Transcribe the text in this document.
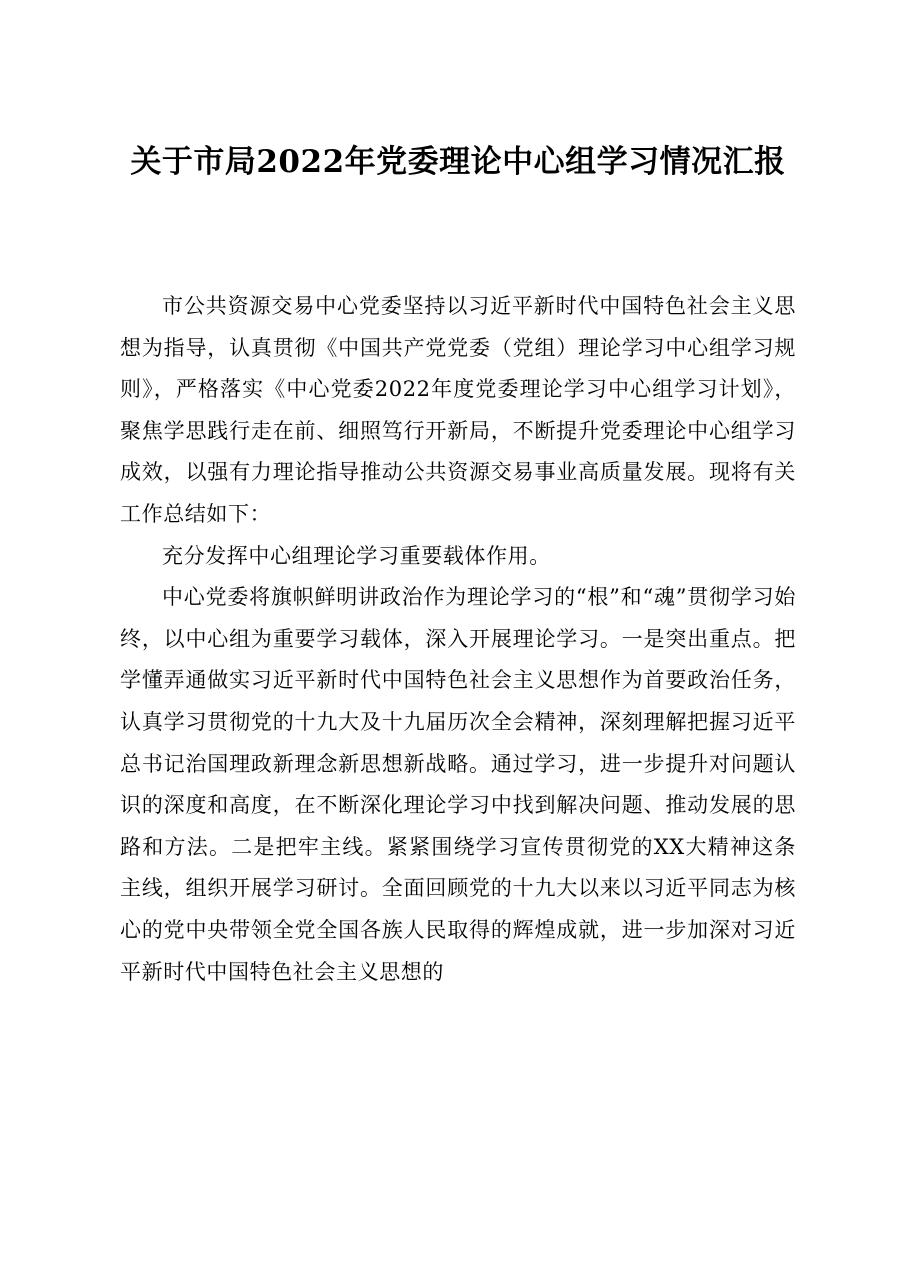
关于市局2022年党委理论中心组学习情况汇报

市公共资源交易中心党委坚持以习近平新时代中国特色社会主义思想为指导，认真贯彻《中国共产党党委（党组）理论学习中心组学习规则》，严格落实《中心党委2022年度党委理论学习中心组学习计划》，聚焦学思践行走在前、细照笃行开新局，不断提升党委理论中心组学习成效，以强有力理论指导推动公共资源交易事业高质量发展。现将有关工作总结如下：

充分发挥中心组理论学习重要载体作用。

中心党委将旗帜鲜明讲政治作为理论学习的“根”和“魂”贯彻学习始终，以中心组为重要学习载体，深入开展理论学习。一是突出重点。把学懂弄通做实习近平新时代中国特色社会主义思想作为首要政治任务，认真学习贯彻党的十九大及十九届历次全会精神，深刻理解把握习近平总书记治国理政新理念新思想新战略。通过学习，进一步提升对问题认识的深度和高度，在不断深化理论学习中找到解决问题、推动发展的思路和方法。二是把牢主线。紧紧围绕学习宣传贯彻党的XX大精神这条主线，组织开展学习研讨。全面回顾党的十九大以来以习近平同志为核心的党中央带领全党全国各族人民取得的辉煌成就，进一步加深对习近平新时代中国特色社会主义思想的
